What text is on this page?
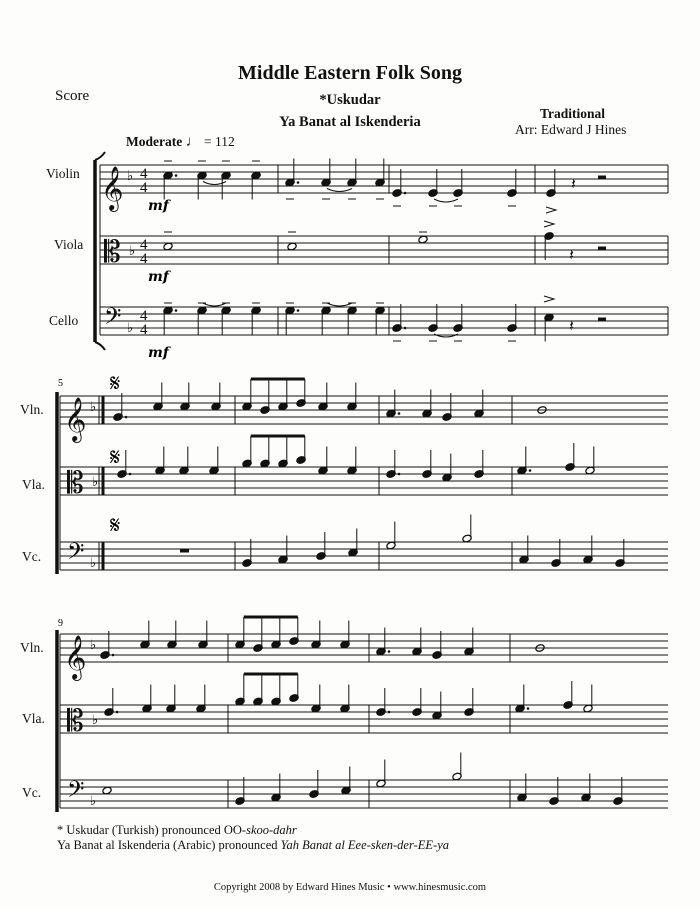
Middle Eastern Folk Song
*Uskudar
Ya Banat al Iskenderia
Score
Traditional
Arr: Edward J Hines
Moderate ♩ = 112
Violin
Viola
Cello
Vln.
Vla.
Vc.
Vln.
Vla.
Vc.
𝄞
𝄡
𝄢
♭
♭
♭
4
4
4
4
4
4
𝄽
𝄽
𝄽
𝄞
𝄡
𝄢
♭
♭
♭
𝄞
𝄡
𝄢
♭
♭
♭
mf
mf
mf
5
9
𝄋
𝄋
𝄋
* Uskudar (Turkish) pronounced OO-skoo-dahr
Ya Banat al Iskenderia (Arabic) pronounced Yah Banat al Eee-sken-der-EE-ya
Copyright 2008 by Edward Hines Music • www.hinesmusic.com
